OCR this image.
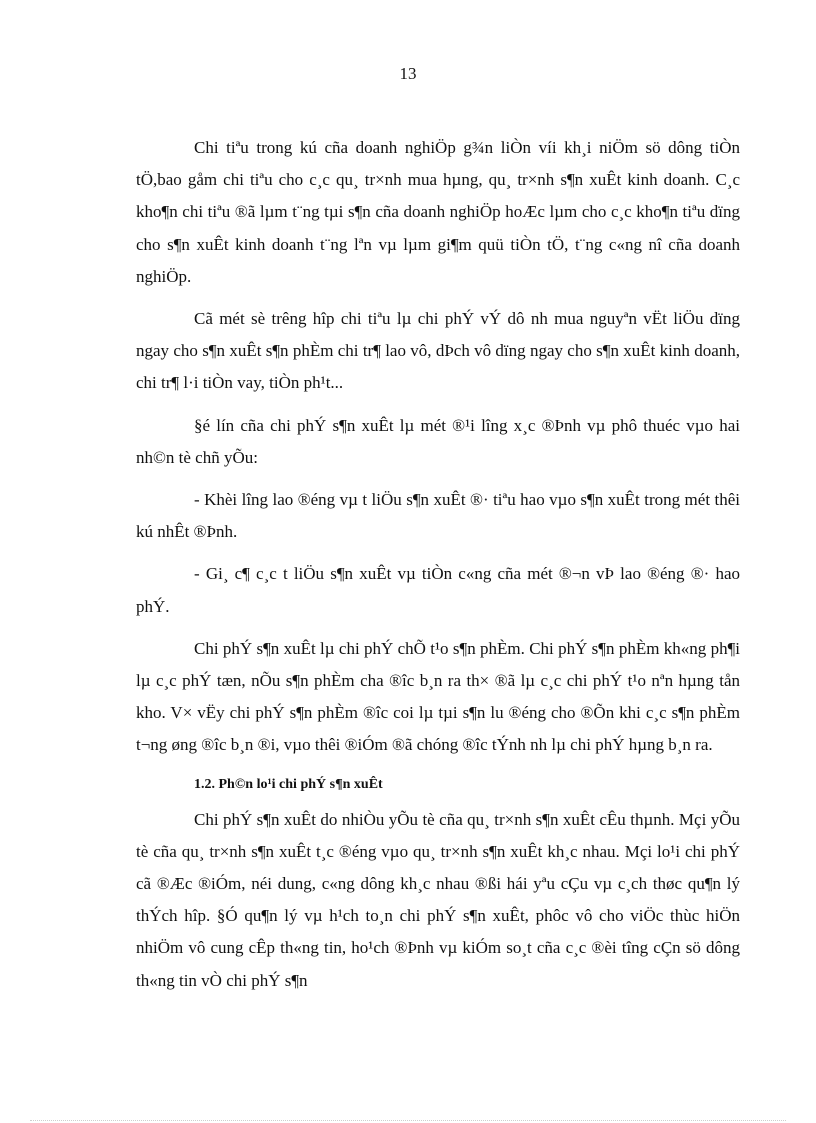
13

Chi tiªu trong kú cña doanh nghiÖp g¾n liÒn víi kh¸i niÖm sö dông tiÒn tÖ,bao gåm chi tiªu cho c¸c qu¸ tr×nh mua hµng, qu¸ tr×nh s¶n xuÊt kinh doanh. C¸c kho¶n chi tiªu ®ã lµm t¨ng tµi s¶n cña doanh nghiÖp hoÆc lµm cho c¸c kho¶n tiªu dïng cho s¶n xuÊt kinh doanh t¨ng lªn vµ lµm gi¶m quü tiÒn tÖ, t¨ng c«ng nî cña doanh nghiÖp.

Cã mét sè trêng hîp chi tiªu lµ chi phÝ vÝ dô nh mua nguyªn vËt liÖu dïng ngay cho s¶n xuÊt s¶n phÈm chi tr¶ lao vô, dÞch vô dïng ngay cho s¶n xuÊt kinh doanh, chi tr¶ l·i tiÒn vay, tiÒn ph¹t...

§é lín cña chi phÝ s¶n xuÊt lµ mét ®¹i lîng x¸c ®Þnh vµ phô thuéc vµo hai nh©n tè chñ yÕu:

- Khèi lîng lao ®éng vµ t liÖu s¶n xuÊt ®· tiªu hao vµo s¶n xuÊt trong mét thêi kú nhÊt ®Þnh.

- Gi¸ c¶ c¸c t liÖu s¶n xuÊt vµ tiÒn c«ng cña mét ®¬n vÞ lao ®éng ®· hao phÝ.

Chi phÝ s¶n xuÊt lµ chi phÝ chÕ t¹o s¶n phÈm. Chi phÝ s¶n phÈm kh«ng ph¶i lµ c¸c phÝ tæn, nÕu s¶n phÈm cha ®îc b¸n ra th× ®ã lµ c¸c chi phÝ t¹o nªn hµng tån kho. V× vËy chi phÝ s¶n phÈm ®îc coi lµ tµi s¶n lu ®éng cho ®Õn khi c¸c s¶n phÈm t¬ng øng ®îc b¸n ®i, vµo thêi ®iÓm ®ã chóng ®îc tÝnh nh lµ chi phÝ hµng b¸n ra.

1.2. Ph©n lo¹i chi phÝ s¶n xuÊt

Chi phÝ s¶n xuÊt do nhiÒu yÕu tè cña qu¸ tr×nh s¶n xuÊt cÊu thµnh. Mçi yÕu tè cña qu¸ tr×nh s¶n xuÊt t¸c ®éng vµo qu¸ tr×nh s¶n xuÊt kh¸c nhau. Mçi lo¹i chi phÝ cã ®Æc ®iÓm, néi dung, c«ng dông kh¸c nhau ®ßi hái yªu cÇu vµ c¸ch thøc qu¶n lý thÝch hîp. §Ó qu¶n lý vµ h¹ch to¸n chi phÝ s¶n xuÊt, phôc vô cho viÖc thùc hiÖn nhiÖm vô cung cÊp th«ng tin, ho¹ch ®Þnh vµ kiÓm so¸t cña c¸c ®èi tîng cÇn sö dông th«ng tin vÒ chi phÝ s¶n
